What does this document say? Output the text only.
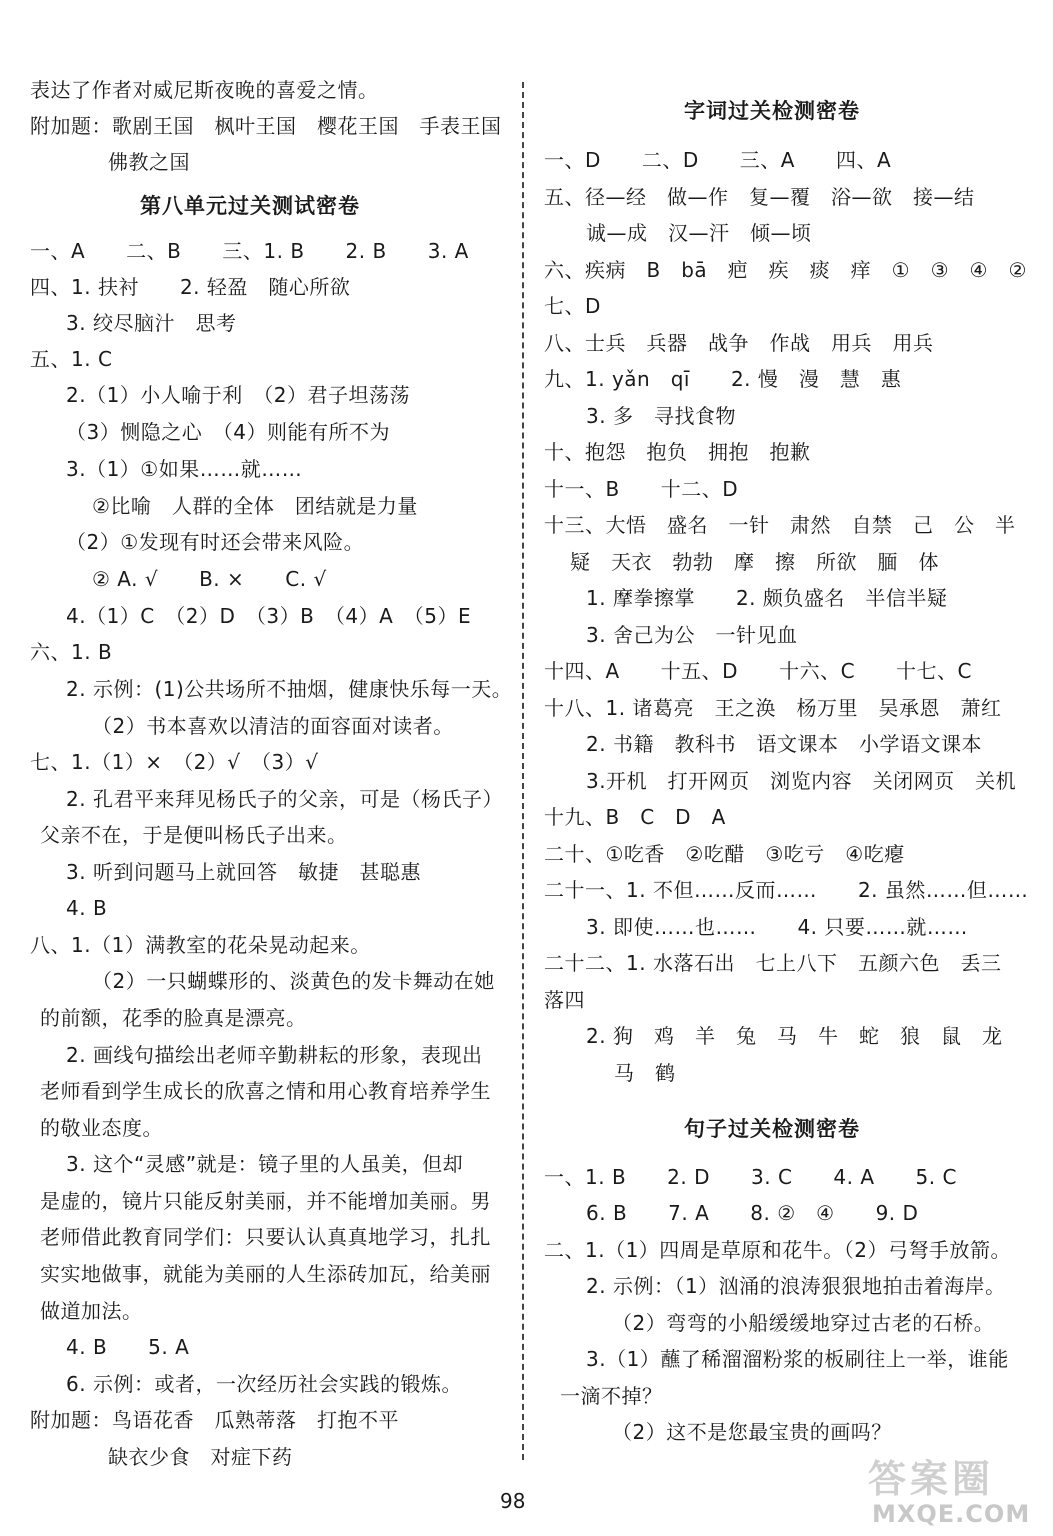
表达了作者对威尼斯夜晚的喜爱之情。
附加题：歌剧王国　枫叶王国　樱花王国　手表王国
佛教之国
第八单元过关测试密卷
一、A　　二、B　　三、1. B　　2. B　　3. A
四、1. 扶衬　　2. 轻盈　随心所欲
3. 绞尽脑汁　思考
五、1. C
2.（1）小人喻于利　（2）君子坦荡荡
（3）恻隐之心　（4）则能有所不为
3.（1）①如果……就……
②比喻　人群的全体　团结就是力量
（2）①发现有时还会带来风险。
② A. √　　B. ×　　C. √
4.（1）C　（2）D　（3）B　（4）A　（5）E
六、1. B
2. 示例：(1)公共场所不抽烟，健康快乐每一天。
（2）书本喜欢以清洁的面容面对读者。
七、1.（1）×　（2）√　（3）√
2. 孔君平来拜见杨氏子的父亲，可是（杨氏子）
父亲不在，于是便叫杨氏子出来。
3. 听到问题马上就回答　敏捷　甚聪惠
4. B
八、1.（1）满教室的花朵晃动起来。
（2）一只蝴蝶形的、淡黄色的发卡舞动在她
的前额，花季的脸真是漂亮。
2. 画线句描绘出老师辛勤耕耘的形象，表现出
老师看到学生成长的欣喜之情和用心教育培养学生
的敬业态度。
3. 这个“灵感”就是：镜子里的人虽美，但却
是虚的，镜片只能反射美丽，并不能增加美丽。男
老师借此教育同学们：只要认认真真地学习，扎扎
实实地做事，就能为美丽的人生添砖加瓦，给美丽
做道加法。
4. B　　5. A
6. 示例：或者，一次经历社会实践的锻炼。
附加题：鸟语花香　瓜熟蒂落　打抱不平
缺衣少食　对症下药
字词过关检测密卷
一、D　　二、D　　三、A　　四、A
五、径—经　做—作　复—覆　浴—欲　接—结
诚—成　汉—汗　倾—顷
六、疾病　B　bā　疤　疾　痰　痒　①　③　④　②
七、D
八、士兵　兵器　战争　作战　用兵　用兵
九、1. yǎn　qī　　2. 慢　漫　慧　惠
3. 多　寻找食物
十、抱怨　抱负　拥抱　抱歉
十一、B　　十二、D
十三、大悟　盛名　一针　肃然　自禁　己　公　半
疑　天衣　勃勃　摩　擦　所欲　腼　体
1. 摩拳擦掌　　2. 颇负盛名　半信半疑
3. 舍己为公　一针见血
十四、A　　十五、D　　十六、C　　十七、C
十八、1. 诸葛亮　王之涣　杨万里　吴承恩　萧红
2. 书籍　教科书　语文课本　小学语文课本
3.开机　打开网页　浏览内容　关闭网页　关机
十九、B　C　D　A
二十、①吃香　②吃醋　③吃亏　④吃瘪
二十一、1. 不但……反而……　　2. 虽然……但……
3. 即使……也……　　4. 只要……就……
二十二、1. 水落石出　七上八下　五颜六色　丢三
落四
2. 狗　鸡　羊　兔　马　牛　蛇　狼　鼠　龙
马　鹤
句子过关检测密卷
一、1. B　　2. D　　3. C　　4. A　　5. C
6. B　　7. A　　8. ②　④　　9. D
二、1.（1）四周是草原和花牛。（2）弓弩手放箭。
2. 示例：（1）汹涌的浪涛狠狠地拍击着海岸。
（2）弯弯的小船缓缓地穿过古老的石桥。
3.（1）蘸了稀溜溜粉浆的板刷往上一举，谁能
一滴不掉？
（2）这不是您最宝贵的画吗？
98	答案圈
MXQE.COM
